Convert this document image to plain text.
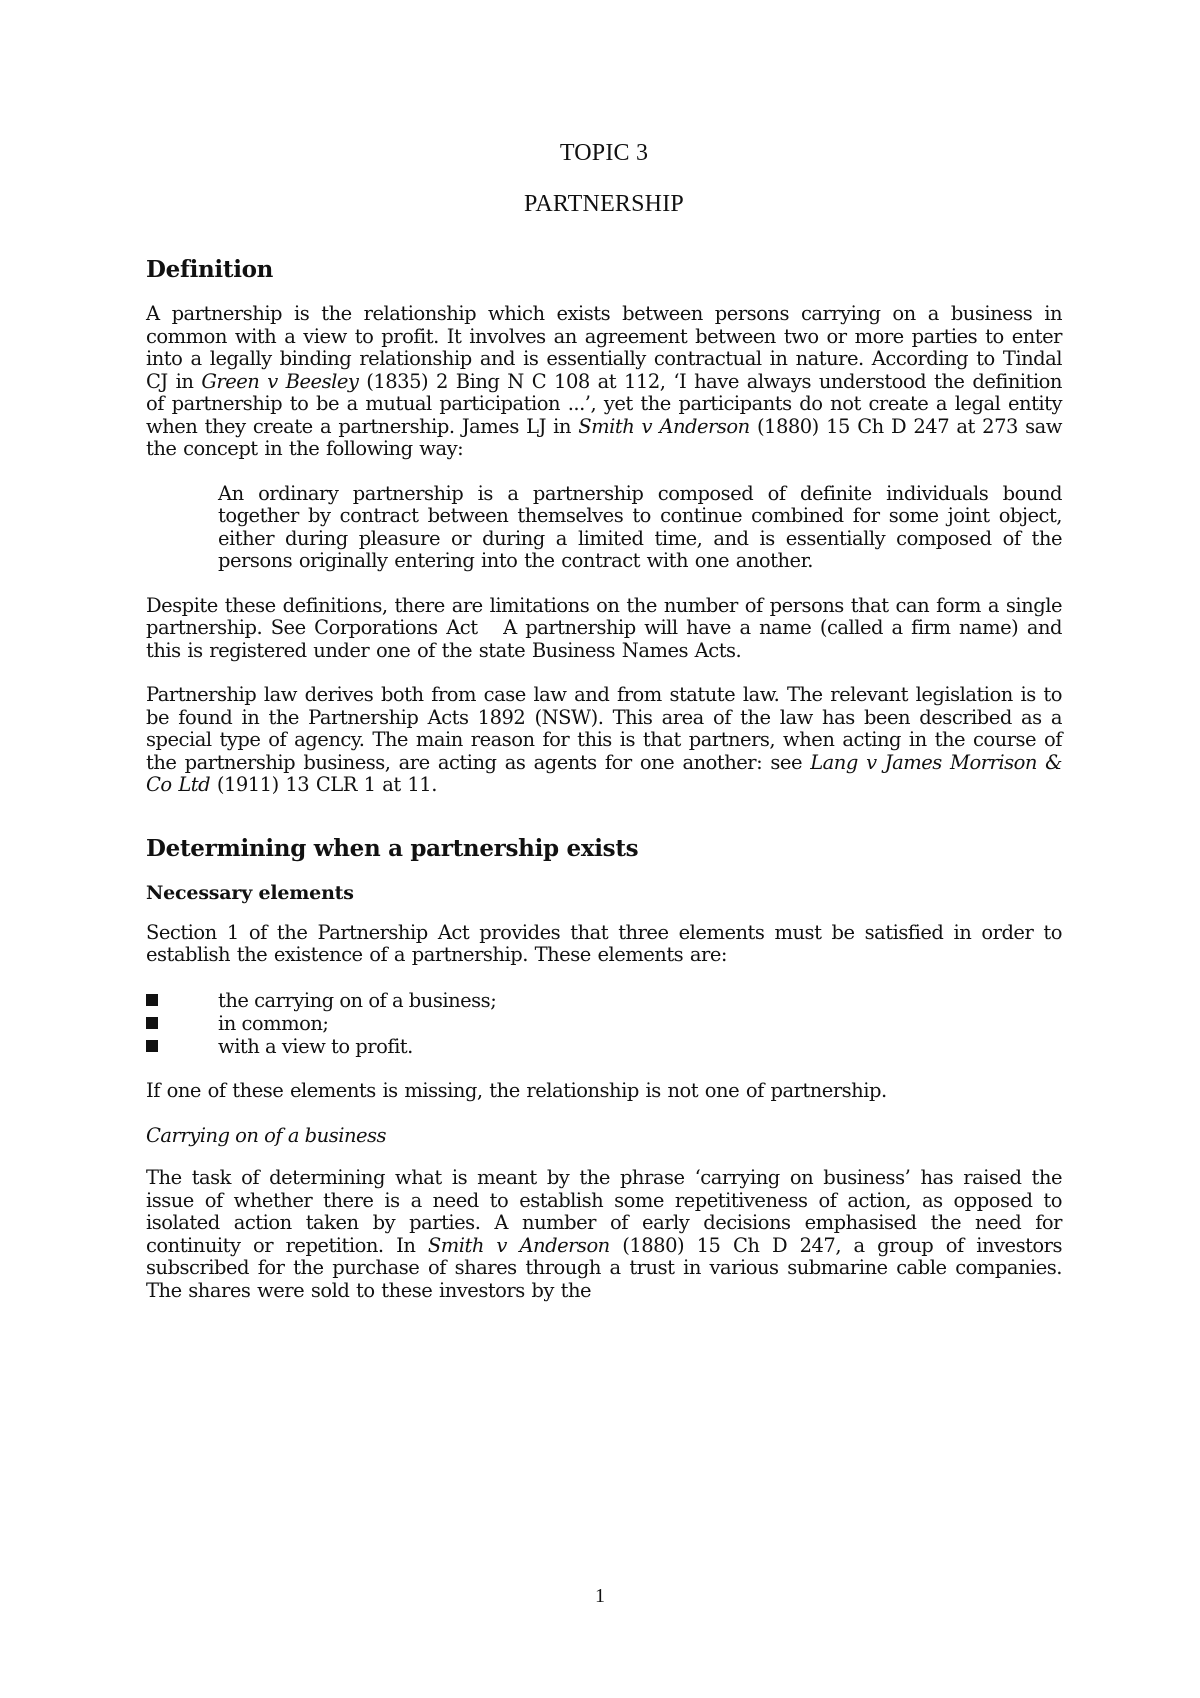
TOPIC 3
PARTNERSHIP
Definition

A partnership is the relationship which exists between persons carrying on a business in common with a view to profit. It involves an agreement between two or more parties to enter into a legally binding relationship and is essentially contractual in nature. According to Tindal CJ in Green v Beesley (1835) 2 Bing N C 108 at 112, ‘I have always understood the definition of partnership to be a mutual participation ...’, yet the participants do not create a legal entity when they create a partnership. James LJ in Smith v Anderson (1880) 15 Ch D 247 at 273 saw the concept in the following way:

An ordinary partnership is a partnership composed of definite individuals bound together by contract between themselves to continue combined for some joint object, either during pleasure or during a limited time, and is essentially composed of the persons originally entering into the contract with one another.

Despite these definitions, there are limitations on the number of persons that can form a single partnership. See Corporations Act   A partnership will have a name (called a firm name) and this is registered under one of the state Business Names Acts.

Partnership law derives both from case law and from statute law. The relevant legislation is to be found in the Partnership Acts 1892 (NSW). This area of the law has been described as a special type of agency. The main reason for this is that partners, when acting in the course of the partnership business, are acting as agents for one another: see Lang v James Morrison & Co Ltd (1911) 13 CLR 1 at 11.

Determining when a partnership exists
Necessary elements

Section 1 of the Partnership Act provides that three elements must be satisfied in order to establish the existence of a partnership. These elements are:

the carrying on of a business;
in common;
with a view to profit.

If one of these elements is missing, the relationship is not one of partnership.

Carrying on of a business

The task of determining what is meant by the phrase ‘carrying on business’ has raised the issue of whether there is a need to establish some repetitiveness of action, as opposed to isolated action taken by parties. A number of early decisions emphasised the need for continuity or repetition. In Smith v Anderson (1880) 15 Ch D 247, a group of investors subscribed for the purchase of shares through a trust in various submarine cable companies. The shares were sold to these investors by the

1
